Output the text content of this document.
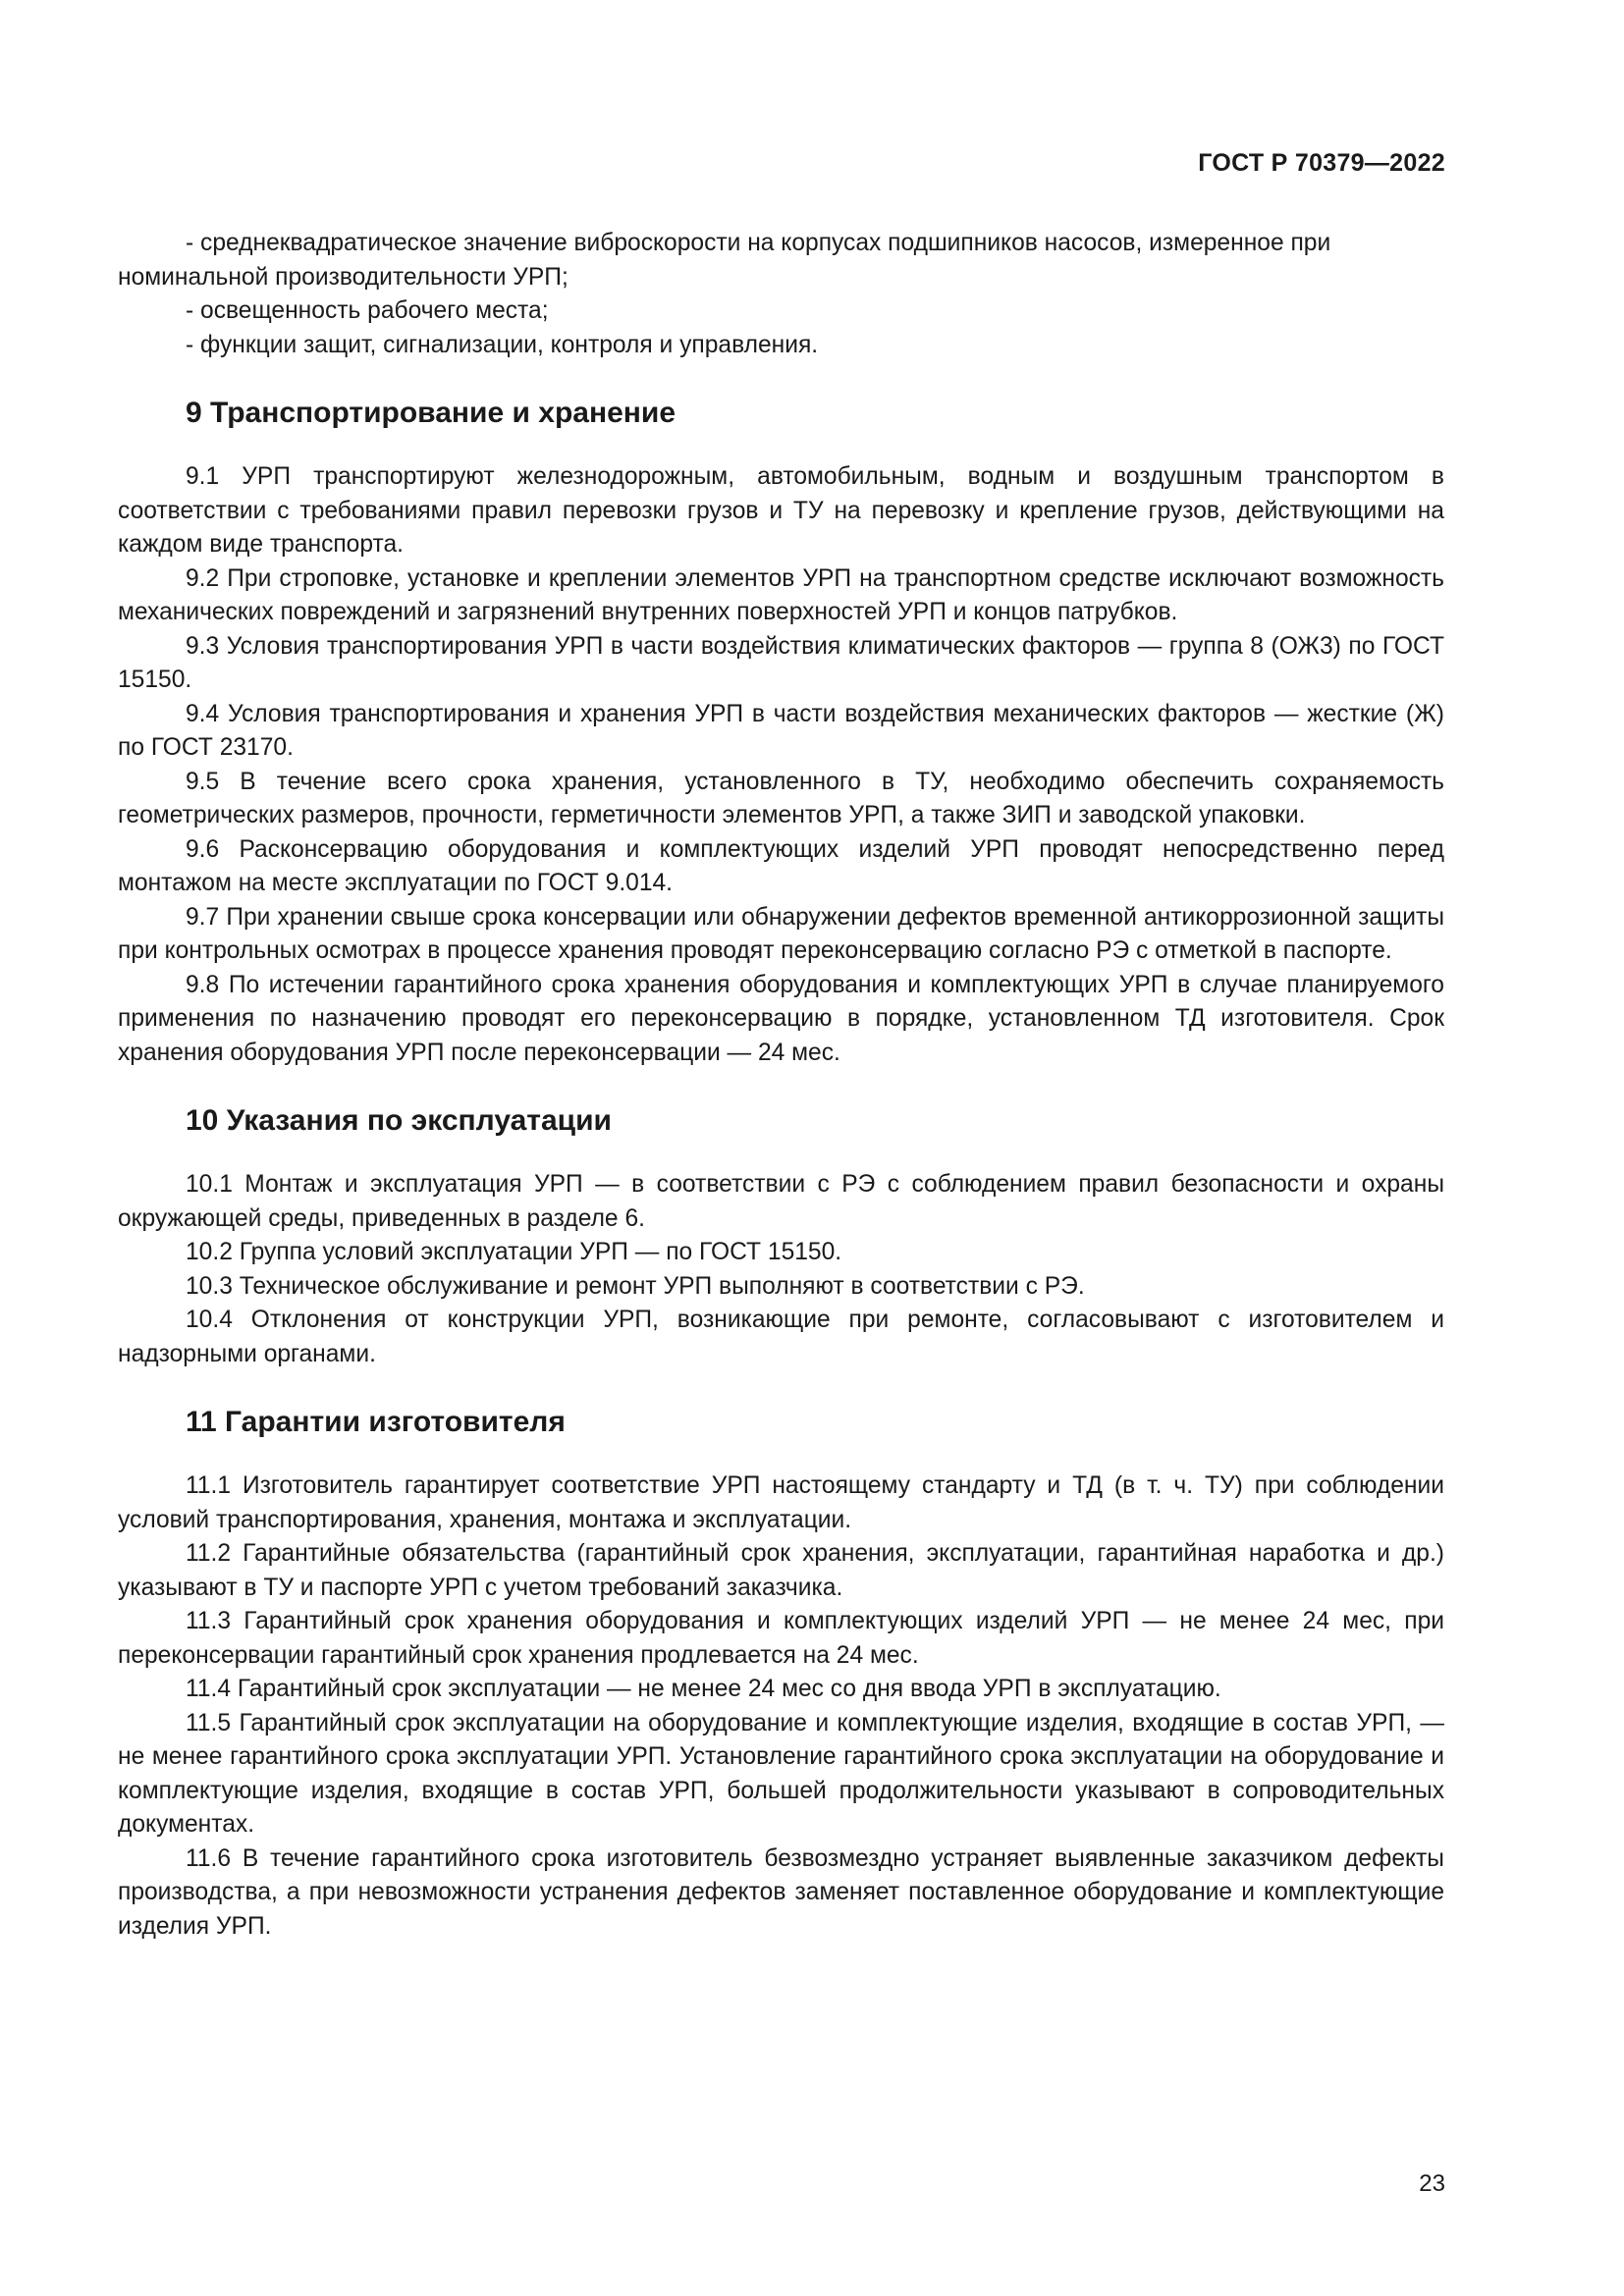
ГОСТ Р 70379—2022

- среднеквадратическое значение виброскорости на корпусах подшипников насосов, измеренное при номинальной производительности УРП;

- освещенность рабочего места;

- функции защит, сигнализации, контроля и управления.

9 Транспортирование и хранение

9.1 УРП транспортируют железнодорожным, автомобильным, водным и воздушным транспортом в соответствии с требованиями правил перевозки грузов и ТУ на перевозку и крепление грузов, действующими на каждом виде транспорта.

9.2 При строповке, установке и креплении элементов УРП на транспортном средстве исключают возможность механических повреждений и загрязнений внутренних поверхностей УРП и концов патрубков.

9.3 Условия транспортирования УРП в части воздействия климатических факторов — группа 8 (ОЖ3) по ГОСТ 15150.

9.4 Условия транспортирования и хранения УРП в части воздействия механических факторов — жесткие (Ж) по ГОСТ 23170.

9.5 В течение всего срока хранения, установленного в ТУ, необходимо обеспечить сохраняемость геометрических размеров, прочности, герметичности элементов УРП, а также ЗИП и заводской упаковки.

9.6 Расконсервацию оборудования и комплектующих изделий УРП проводят непосредственно перед монтажом на месте эксплуатации по ГОСТ 9.014.

9.7 При хранении свыше срока консервации или обнаружении дефектов временной антикоррозионной защиты при контрольных осмотрах в процессе хранения проводят переконсервацию согласно РЭ с отметкой в паспорте.

9.8 По истечении гарантийного срока хранения оборудования и комплектующих УРП в случае планируемого применения по назначению проводят его переконсервацию в порядке, установленном ТД изготовителя. Срок хранения оборудования УРП после переконсервации — 24 мес.

10 Указания по эксплуатации

10.1 Монтаж и эксплуатация УРП — в соответствии с РЭ с соблюдением правил безопасности и охраны окружающей среды, приведенных в разделе 6.

10.2 Группа условий эксплуатации УРП — по ГОСТ 15150.

10.3 Техническое обслуживание и ремонт УРП выполняют в соответствии с РЭ.

10.4 Отклонения от конструкции УРП, возникающие при ремонте, согласовывают с изготовителем и надзорными органами.

11 Гарантии изготовителя

11.1 Изготовитель гарантирует соответствие УРП настоящему стандарту и ТД (в т. ч. ТУ) при соблюдении условий транспортирования, хранения, монтажа и эксплуатации.

11.2 Гарантийные обязательства (гарантийный срок хранения, эксплуатации, гарантийная наработка и др.) указывают в ТУ и паспорте УРП с учетом требований заказчика.

11.3 Гарантийный срок хранения оборудования и комплектующих изделий УРП — не менее 24 мес, при переконсервации гарантийный срок хранения продлевается на 24 мес.

11.4 Гарантийный срок эксплуатации — не менее 24 мес со дня ввода УРП в эксплуатацию.

11.5 Гарантийный срок эксплуатации на оборудование и комплектующие изделия, входящие в состав УРП, — не менее гарантийного срока эксплуатации УРП. Установление гарантийного срока эксплуатации на оборудование и комплектующие изделия, входящие в состав УРП, большей продолжительности указывают в сопроводительных документах.

11.6 В течение гарантийного срока изготовитель безвозмездно устраняет выявленные заказчиком дефекты производства, а при невозможности устранения дефектов заменяет поставленное оборудование и комплектующие изделия УРП.

23
